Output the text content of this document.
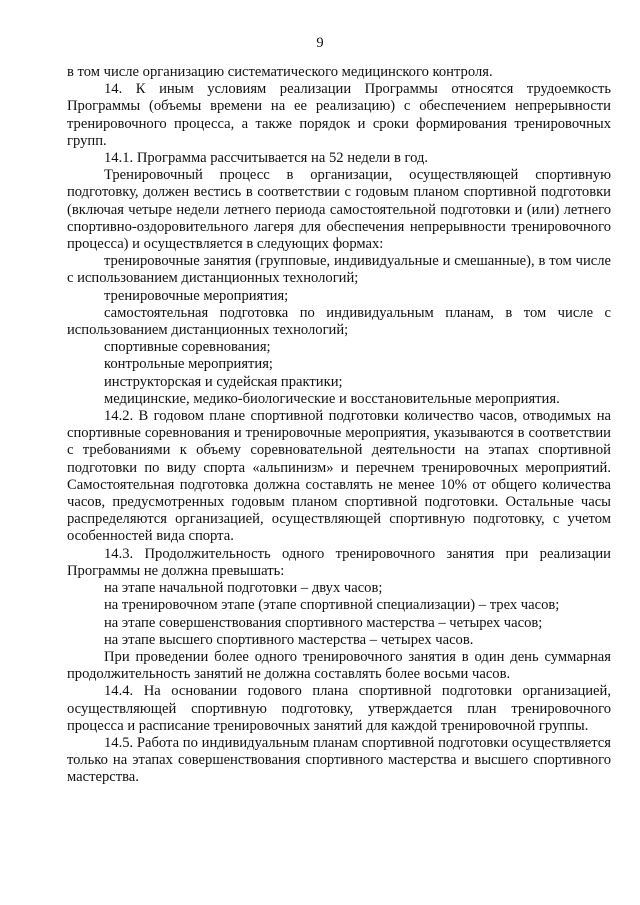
9

в том числе организацию систематического медицинского контроля.

14. К иным условиям реализации Программы относятся трудоемкость Программы (объемы времени на ее реализацию) с обеспечением непрерывности тренировочного процесса, а также порядок и сроки формирования тренировочных групп.

14.1. Программа рассчитывается на 52 недели в год.

Тренировочный процесс в организации, осуществляющей спортивную подготовку, должен вестись в соответствии с годовым планом спортивной подготовки (включая четыре недели летнего периода самостоятельной подготовки и (или) летнего спортивно-оздоровительного лагеря для обеспечения непрерывности тренировочного процесса) и осуществляется в следующих формах:

тренировочные занятия (групповые, индивидуальные и смешанные), в том числе с использованием дистанционных технологий;

тренировочные мероприятия;

самостоятельная подготовка по индивидуальным планам, в том числе с использованием дистанционных технологий;

спортивные соревнования;

контрольные мероприятия;

инструкторская и судейская практики;

медицинские, медико-биологические и восстановительные мероприятия.

14.2. В годовом плане спортивной подготовки количество часов, отводимых на спортивные соревнования и тренировочные мероприятия, указываются в соответствии с требованиями к объему соревновательной деятельности на этапах спортивной подготовки по виду спорта «альпинизм» и перечнем тренировочных мероприятий. Самостоятельная подготовка должна составлять не менее 10% от общего количества часов, предусмотренных годовым планом спортивной подготовки. Остальные часы распределяются организацией, осуществляющей спортивную подготовку, с учетом особенностей вида спорта.

14.3. Продолжительность одного тренировочного занятия при реализации Программы не должна превышать:

на этапе начальной подготовки – двух часов;

на тренировочном этапе (этапе спортивной специализации) – трех часов;

на этапе совершенствования спортивного мастерства – четырех часов;

на этапе высшего спортивного мастерства – четырех часов.

При проведении более одного тренировочного занятия в один день суммарная продолжительность занятий не должна составлять более восьми часов.

14.4. На основании годового плана спортивной подготовки организацией, осуществляющей спортивную подготовку, утверждается план тренировочного процесса и расписание тренировочных занятий для каждой тренировочной группы.

14.5. Работа по индивидуальным планам спортивной подготовки осуществляется только на этапах совершенствования спортивного мастерства и высшего спортивного мастерства.
